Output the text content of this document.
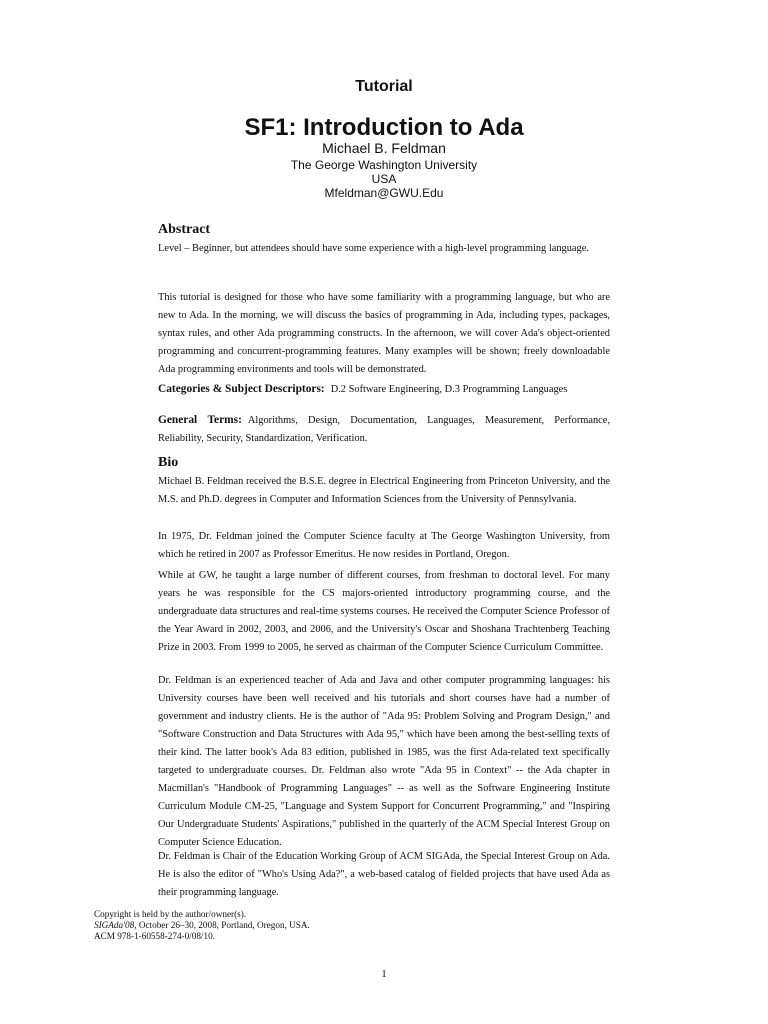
Tutorial
SF1: Introduction to Ada
Michael B. Feldman
The George Washington University
USA
Mfeldman@GWU.Edu
Abstract

Level – Beginner, but attendees should have some experience with a high-level programming language.

This tutorial is designed for those who have some familiarity with a programming language, but who are new to Ada. In the morning, we will discuss the basics of programming in Ada, including types, packages, syntax rules, and other Ada programming constructs. In the afternoon, we will cover Ada's object-oriented programming and concurrent-programming features. Many examples will be shown; freely downloadable Ada programming environments and tools will be demonstrated.

Categories & Subject Descriptors: D.2 Software Engineering, D.3 Programming Languages

General Terms: Algorithms, Design, Documentation, Languages, Measurement, Performance, Reliability, Security, Standardization, Verification.

Bio

Michael B. Feldman received the B.S.E. degree in Electrical Engineering from Princeton University, and the M.S. and Ph.D. degrees in Computer and Information Sciences from the University of Pennsylvania.

In 1975, Dr. Feldman joined the Computer Science faculty at The George Washington University, from which he retired in 2007 as Professor Emeritus. He now resides in Portland, Oregon.

While at GW, he taught a large number of different courses, from freshman to doctoral level. For many years he was responsible for the CS majors-oriented introductory programming course, and the undergraduate data structures and real-time systems courses. He received the Computer Science Professor of the Year Award in 2002, 2003, and 2006, and the University's Oscar and Shoshana Trachtenberg Teaching Prize in 2003. From 1999 to 2005, he served as chairman of the Computer Science Curriculum Committee.

Dr. Feldman is an experienced teacher of Ada and Java and other computer programming languages: his University courses have been well received and his tutorials and short courses have had a number of government and industry clients. He is the author of "Ada 95: Problem Solving and Program Design," and "Software Construction and Data Structures with Ada 95," which have been among the best-selling texts of their kind. The latter book's Ada 83 edition, published in 1985, was the first Ada-related text specifically targeted to undergraduate courses. Dr. Feldman also wrote "Ada 95 in Context" -- the Ada chapter in Macmillan's "Handbook of Programming Languages" -- as well as the Software Engineering Institute Curriculum Module CM-25, "Language and System Support for Concurrent Programming," and "Inspiring Our Undergraduate Students' Aspirations," published in the quarterly of the ACM Special Interest Group on Computer Science Education.

Dr. Feldman is Chair of the Education Working Group of ACM SIGAda, the Special Interest Group on Ada. He is also the editor of "Who's Using Ada?", a web-based catalog of fielded projects that have used Ada as their programming language.

Copyright is held by the author/owner(s).
SIGAda'08, October 26–30, 2008, Portland, Oregon, USA.
ACM 978-1-60558-274-0/08/10.
1
